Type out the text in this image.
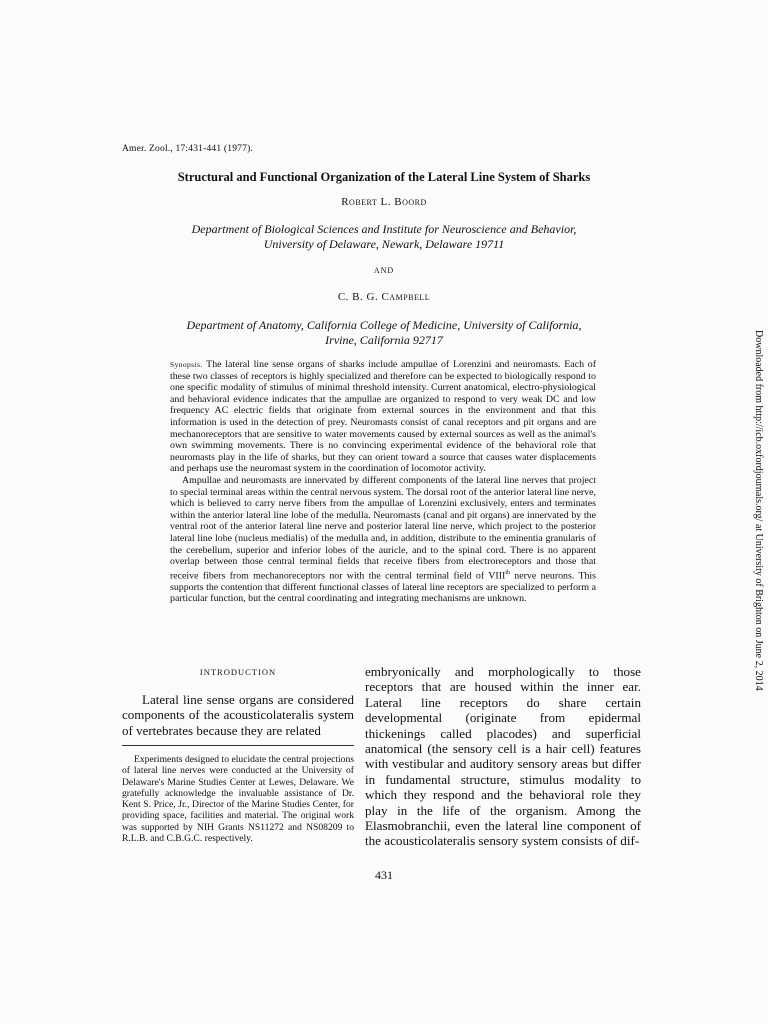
Amer. Zool., 17:431-441 (1977).
Structural and Functional Organization of the Lateral Line System of Sharks
Robert L. Boord
Department of Biological Sciences and Institute for Neuroscience and Behavior,
University of Delaware, Newark, Delaware 19711
AND
C. B. G. Campbell
Department of Anatomy, California College of Medicine, University of California,
Irvine, California 92717

Synopsis. The lateral line sense organs of sharks include ampullae of Lorenzini and neuromasts. Each of these two classes of receptors is highly specialized and therefore can be expected to biologically respond to one specific modality of stimulus of minimal threshold intensity. Current anatomical, electro-physiological and behavioral evidence indicates that the ampullae are organized to respond to very weak DC and low frequency AC electric fields that originate from external sources in the environment and that this information is used in the detection of prey. Neuromasts consist of canal receptors and pit organs and are mechanoreceptors that are sensitive to water movements caused by external sources as well as the animal's own swimming movements. There is no convincing experimental evidence of the behavioral role that neuromasts play in the life of sharks, but they can orient toward a source that causes water displacements and perhaps use the neuromast system in the coordination of locomotor activity.

Ampullae and neuromasts are innervated by different components of the lateral line nerves that project to special terminal areas within the central nervous system. The dorsal root of the anterior lateral line nerve, which is believed to carry nerve fibers from the ampullae of Lorenzini exclusively, enters and terminates within the anterior lateral line lobe of the medulla. Neuromasts (canal and pit organs) are innervated by the ventral root of the anterior lateral line nerve and posterior lateral line nerve, which project to the posterior lateral line lobe (nucleus medialis) of the medulla and, in addition, distribute to the eminentia granularis of the cerebellum, superior and inferior lobes of the auricle, and to the spinal cord. There is no apparent overlap between those central terminal fields that receive fibers from electroreceptors and those that receive fibers from mechanoreceptors nor with the central terminal field of VIIIth nerve neurons. This supports the contention that different functional classes of lateral line receptors are specialized to perform a particular function, but the central coordinating and integrating mechanisms are unknown.

INTRODUCTION

Lateral line sense organs are considered components of the acousticolateralis system of vertebrates because they are related

Experiments designed to elucidate the central projections of lateral line nerves were conducted at the University of Delaware's Marine Studies Center at Lewes, Delaware. We gratefully acknowledge the invaluable assistance of Dr. Kent S. Price, Jr., Director of the Marine Studies Center, for providing space, facilities and material. The original work was supported by NIH Grants NS11272 and NS08209 to R.L.B. and C.B.G.C. respectively.

embryonically and morphologically to those receptors that are housed within the inner ear. Lateral line receptors do share certain developmental (originate from epidermal thickenings called placodes) and superficial anatomical (the sensory cell is a hair cell) features with vestibular and auditory sensory areas but differ in fundamental structure, stimulus modality to which they respond and the behavioral role they play in the life of the organism. Among the Elasmobranchii, even the lateral line component of the acousticolateralis sensory system consists of dif-

431
Downloaded from http://icb.oxfordjournals.org/ at University of Brighton on June 2, 2014
